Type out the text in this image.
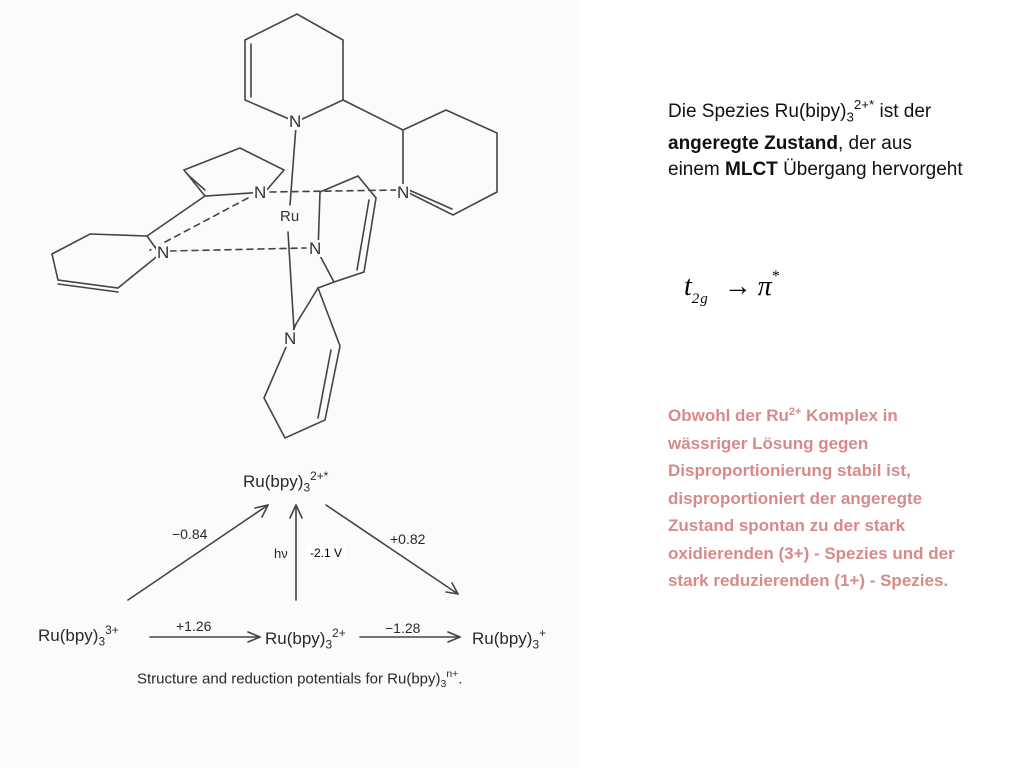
N
N	N
N	N
N
Ru
$Ru(bpy)_3^{2+*}$
−0.84	+0.82
hν	-2.1 V
$Ru(bpy)_3^{3+}$	+1.26
$Ru(bpy)_3^{2+}$	−1.28
$Ru(bpy)_3^+$
Structure and reduction potentials for $Ru(bpy)_3^{n+}$.
Die Spezies $Ru(bipy)_3^{2+*}$ ist der angeregte Zustand, der aus einem MLCT Übergang hervorgeht
$t_{2g} \to \pi^*$
Obwohl der $Ru^{2+}$ Komplex in wässriger Lösung gegen Disproportionierung stabil ist, disproportioniert der angeregte Zustand spontan zu der stark oxidierenden (3+) - Spezies und der stark reduzierenden (1+) - Spezies.
